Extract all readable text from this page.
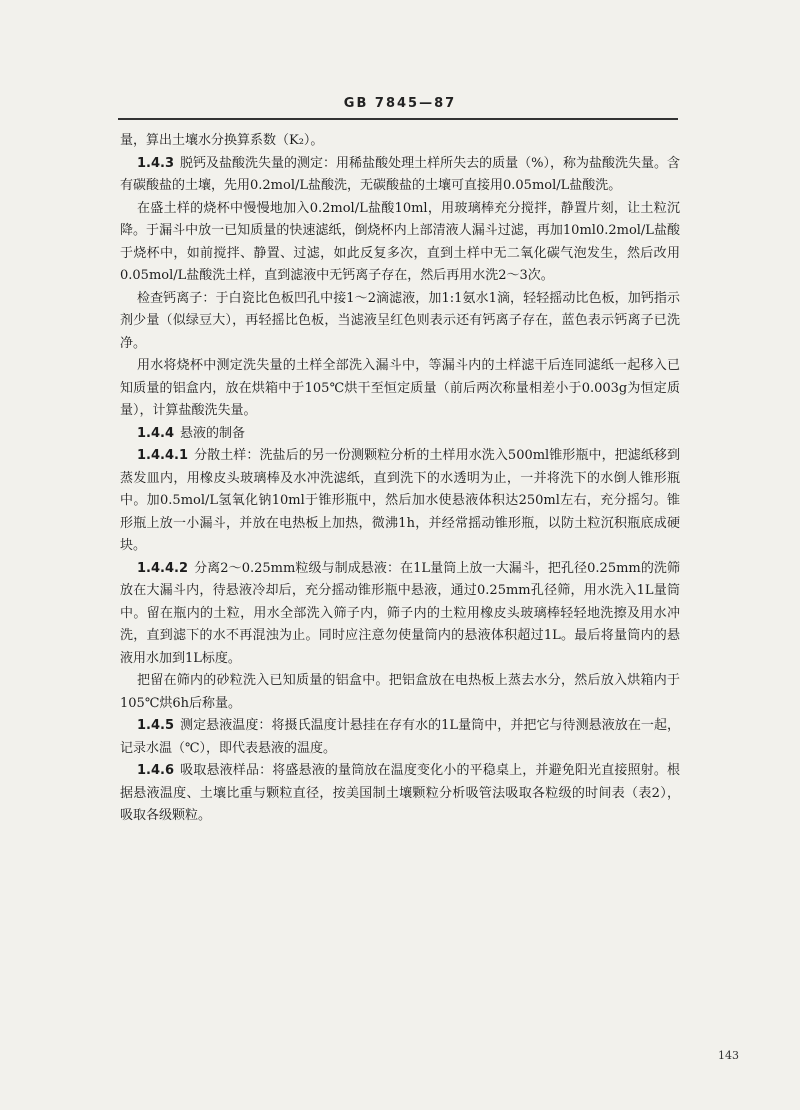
GB 7845—87

量，算出土壤水分换算系数（K₂）。

1.4.3 脱钙及盐酸洗失量的测定：用稀盐酸处理土样所失去的质量（%），称为盐酸洗失量。含有碳酸盐的土壤，先用0.2mol/L盐酸洗，无碳酸盐的土壤可直接用0.05mol/L盐酸洗。

在盛土样的烧杯中慢慢地加入0.2mol/L盐酸10ml，用玻璃棒充分搅拌，静置片刻，让土粒沉降。于漏斗中放一已知质量的快速滤纸，倒烧杯内上部清液人漏斗过滤，再加10ml0.2mol/L盐酸于烧杯中，如前搅拌、静置、过滤，如此反复多次，直到土样中无二氧化碳气泡发生，然后改用0.05mol/L盐酸洗土样，直到滤液中无钙离子存在，然后再用水洗2～3次。

检查钙离子：于白瓷比色板凹孔中接1～2滴滤液，加1:1氨水1滴，轻轻摇动比色板，加钙指示剂少量（似绿豆大），再轻摇比色板，当滤液呈红色则表示还有钙离子存在，蓝色表示钙离子已洗净。

用水将烧杯中测定洗失量的土样全部洗入漏斗中，等漏斗内的土样滤干后连同滤纸一起移入已知质量的铝盒内，放在烘箱中于105℃烘干至恒定质量（前后两次称量相差小于0.003g为恒定质量），计算盐酸洗失量。

1.4.4 悬液的制备

1.4.4.1 分散土样：洗盐后的另一份测颗粒分析的土样用水洗入500ml锥形瓶中，把滤纸移到蒸发皿内，用橡皮头玻璃棒及水冲洗滤纸，直到洗下的水透明为止，一并将洗下的水倒人锥形瓶中。加0.5mol/L氢氧化钠10ml于锥形瓶中，然后加水使悬液体积达250ml左右，充分摇匀。锥形瓶上放一小漏斗，并放在电热板上加热，微沸1h，并经常摇动锥形瓶，以防土粒沉积瓶底成硬块。

1.4.4.2 分离2～0.25mm粒级与制成悬液：在1L量筒上放一大漏斗，把孔径0.25mm的洗筛放在大漏斗内，待悬液冷却后，充分摇动锥形瓶中悬液，通过0.25mm孔径筛，用水洗入1L量筒中。留在瓶内的土粒，用水全部洗入筛子内，筛子内的土粒用橡皮头玻璃棒轻轻地洗擦及用水冲洗，直到滤下的水不再混浊为止。同时应注意勿使量筒内的悬液体积超过1L。最后将量筒内的悬液用水加到1L标度。

把留在筛内的砂粒洗入已知质量的铝盒中。把铝盒放在电热板上蒸去水分，然后放入烘箱内于105℃烘6h后称量。

1.4.5 测定悬液温度：将摄氏温度计悬挂在存有水的1L量筒中，并把它与待测悬液放在一起，记录水温（℃），即代表悬液的温度。

1.4.6 吸取悬液样品：将盛悬液的量筒放在温度变化小的平稳桌上，并避免阳光直接照射。根据悬液温度、土壤比重与颗粒直径，按美国制土壤颗粒分析吸管法吸取各粒级的时间表（表2），吸取各级颗粒。

143
